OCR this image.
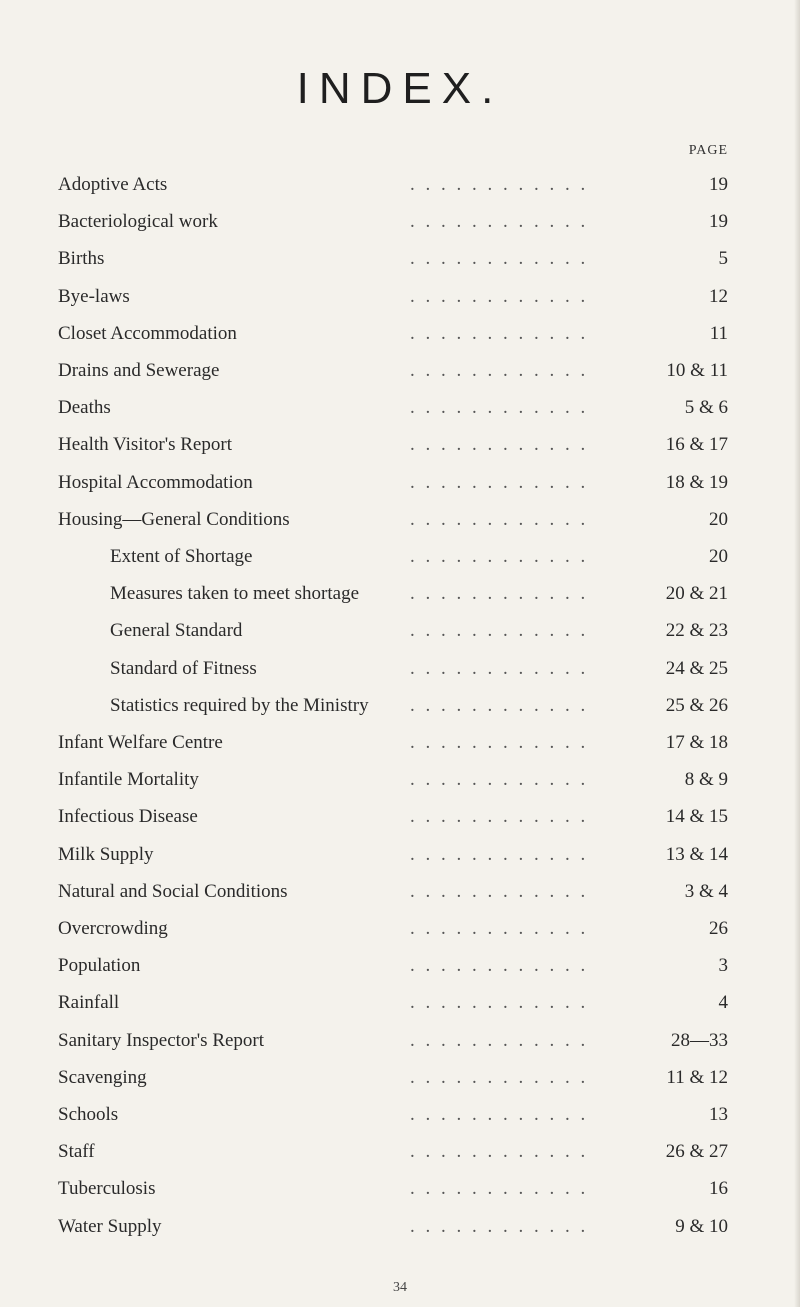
INDEX.
PAGE
Adoptive Acts	. . . . . . . . . . . .	19
Bacteriological work	. . . . . . . . . . . .	19
Births	. . . . . . . . . . . .	5
Bye-laws	. . . . . . . . . . . .	12
Closet Accommodation	. . . . . . . . . . . .	11
Drains and Sewerage	. . . . . . . . . . . .	10 & 11
Deaths	. . . . . . . . . . . .	5 & 6
Health Visitor's Report	. . . . . . . . . . . .	16 & 17
Hospital Accommodation	. . . . . . . . . . . .	18 & 19
Housing—General Conditions	. . . . . . . . . . . .	20
Extent of Shortage	. . . . . . . . . . . .	20
Measures taken to meet shortage	. . . . . . . . . . . .	20 & 21
General Standard	. . . . . . . . . . . .	22 & 23
Standard of Fitness	. . . . . . . . . . . .	24 & 25
Statistics required by the Ministry . . . . . . . . . . . .	25 & 26
Infant Welfare Centre	. . . . . . . . . . . .	17 & 18
Infantile Mortality	. . . . . . . . . . . .	8 & 9
Infectious Disease	. . . . . . . . . . . .	14 & 15
Milk Supply	. . . . . . . . . . . .	13 & 14
Natural and Social Conditions	. . . . . . . . . . . .	3 & 4
Overcrowding	. . . . . . . . . . . .	26
Population	. . . . . . . . . . . .	3
Rainfall	. . . . . . . . . . . .	4
Sanitary Inspector's Report	. . . . . . . . . . . .	28—33
Scavenging	. . . . . . . . . . . .	11 & 12
Schools	. . . . . . . . . . . .	13
Staff	. . . . . . . . . . . .	26 & 27
Tuberculosis	. . . . . . . . . . . .	16
Water Supply	. . . . . . . . . . . .	9 & 10
34
